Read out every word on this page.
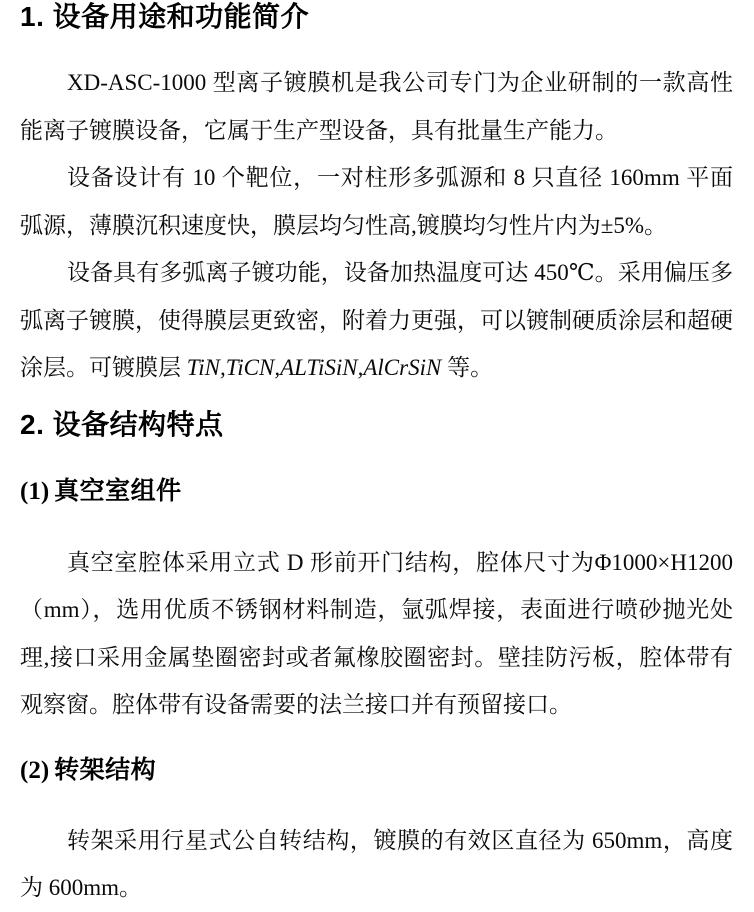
1. 设备用途和功能简介

XD-ASC-1000 型离子镀膜机是我公司专门为企业研制的一款高性能离子镀膜设备，它属于生产型设备，具有批量生产能力。

设备设计有 10 个靶位，一对柱形多弧源和 8 只直径 160mm 平面弧源，薄膜沉积速度快，膜层均匀性高,镀膜均匀性片内为±5%。

设备具有多弧离子镀功能，设备加热温度可达 450℃。采用偏压多弧离子镀膜，使得膜层更致密，附着力更强，可以镀制硬质涂层和超硬涂层。可镀膜层 TiN,TiCN,ALTiSiN,AlCrSiN 等。

2. 设备结构特点
(1) 真空室组件

真空室腔体采用立式 D 形前开门结构，腔体尺寸为Φ1000×H1200（mm），选用优质不锈钢材料制造，氩弧焊接，表面进行喷砂抛光处理,接口采用金属垫圈密封或者氟橡胶圈密封。壁挂防污板，腔体带有观察窗。腔体带有设备需要的法兰接口并有预留接口。

(2) 转架结构

转架采用行星式公自转结构，镀膜的有效区直径为 650mm，高度为 600mm。
